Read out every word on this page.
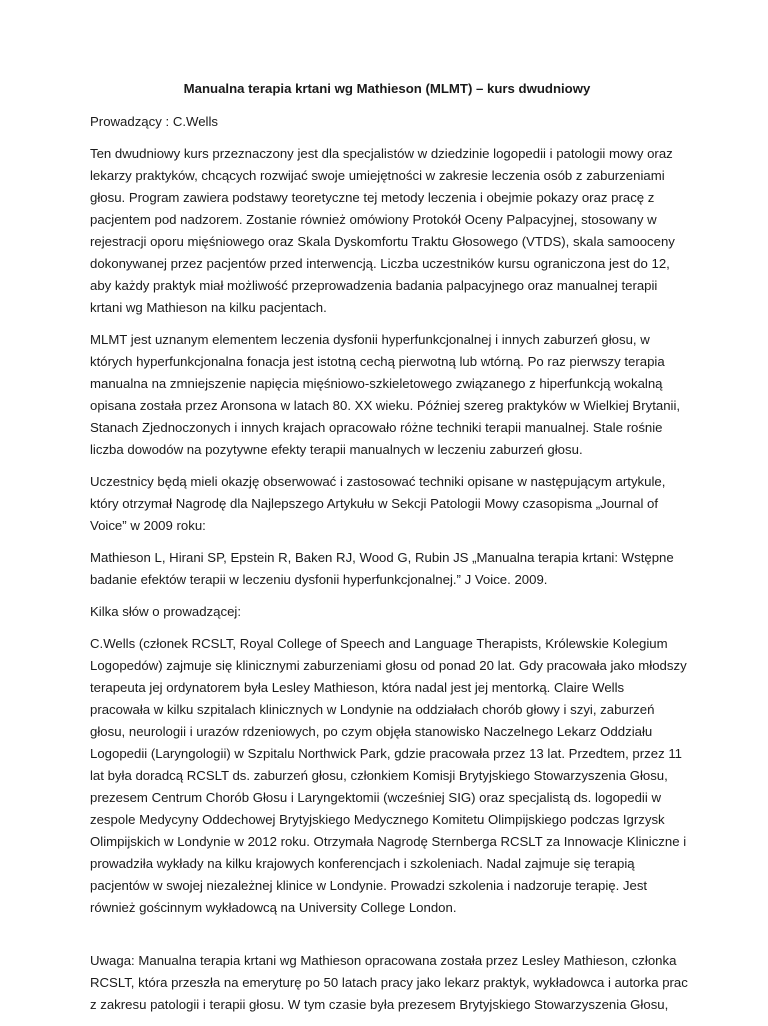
Manualna terapia krtani wg Mathieson (MLMT) – kurs dwudniowy

Prowadzący : C.Wells

Ten dwudniowy kurs przeznaczony jest dla specjalistów w dziedzinie logopedii i patologii mowy oraz
lekarzy praktyków, chcących rozwijać swoje umiejętności w zakresie leczenia osób z zaburzeniami
głosu. Program zawiera podstawy teoretyczne tej metody leczenia i obejmie pokazy oraz pracę z
pacjentem pod nadzorem. Zostanie również omówiony Protokół Oceny Palpacyjnej, stosowany w
rejestracji oporu mięśniowego oraz Skala Dyskomfortu Traktu Głosowego (VTDS), skala samooceny
dokonywanej przez pacjentów przed interwencją. Liczba uczestników kursu ograniczona jest do 12,
aby każdy praktyk miał możliwość przeprowadzenia badania palpacyjnego oraz manualnej terapii
krtani wg Mathieson na kilku pacjentach.

MLMT jest uznanym elementem leczenia dysfonii hyperfunkcjonalnej i innych zaburzeń głosu, w
których hyperfunkcjonalna fonacja jest istotną cechą pierwotną lub wtórną. Po raz pierwszy terapia
manualna na zmniejszenie napięcia mięśniowo-szkieletowego związanego z hiperfunkcją wokalną
opisana została przez Aronsona w latach 80. XX wieku. Później szereg praktyków w Wielkiej Brytanii,
Stanach Zjednoczonych i innych krajach opracowało różne techniki terapii manualnej. Stale rośnie
liczba dowodów na pozytywne efekty terapii manualnych w leczeniu zaburzeń głosu.

Uczestnicy będą mieli okazję obserwować i zastosować techniki opisane w następującym artykule,
który otrzymał Nagrodę dla Najlepszego Artykułu w Sekcji Patologii Mowy czasopisma „Journal of
Voice” w 2009 roku:

Mathieson L, Hirani SP, Epstein R, Baken RJ, Wood G, Rubin JS „Manualna terapia krtani: Wstępne
badanie efektów terapii w leczeniu dysfonii hyperfunkcjonalnej.” J Voice. 2009.

Kilka słów o prowadzącej:

C.Wells (członek RCSLT, Royal College of Speech and Language Therapists, Królewskie Kolegium
Logopedów) zajmuje się klinicznymi zaburzeniami głosu od ponad 20 lat. Gdy pracowała jako młodszy
terapeuta jej ordynatorem była Lesley Mathieson, która nadal jest jej mentorką. Claire Wells
pracowała w kilku szpitalach klinicznych w Londynie na oddziałach chorób głowy i szyi, zaburzeń
głosu, neurologii i urazów rdzeniowych, po czym objęła stanowisko Naczelnego Lekarz Oddziału
Logopedii (Laryngologii) w Szpitalu Northwick Park, gdzie pracowała przez 13 lat. Przedtem, przez 11
lat była doradcą RCSLT ds. zaburzeń głosu, członkiem Komisji Brytyjskiego Stowarzyszenia Głosu,
prezesem Centrum Chorób Głosu i Laryngektomii (wcześniej SIG) oraz specjalistą ds. logopedii w
zespole Medycyny Oddechowej Brytyjskiego Medycznego Komitetu Olimpijskiego podczas Igrzysk
Olimpijskich w Londynie w 2012 roku. Otrzymała Nagrodę Sternberga RCSLT za Innowacje Kliniczne i
prowadziła wykłady na kilku krajowych konferencjach i szkoleniach. Nadal zajmuje się terapią
pacjentów w swojej niezależnej klinice w Londynie. Prowadzi szkolenia i nadzoruje terapię. Jest
również gościnnym wykładowcą na University College London.

Uwaga: Manualna terapia krtani wg Mathieson opracowana została przez Lesley Mathieson, członka
RCSLT, która przeszła na emeryturę po 50 latach pracy jako lekarz praktyk, wykładowca i autorka prac
z zakresu patologii i terapii głosu. W tym czasie była prezesem Brytyjskiego Stowarzyszenia Głosu,
